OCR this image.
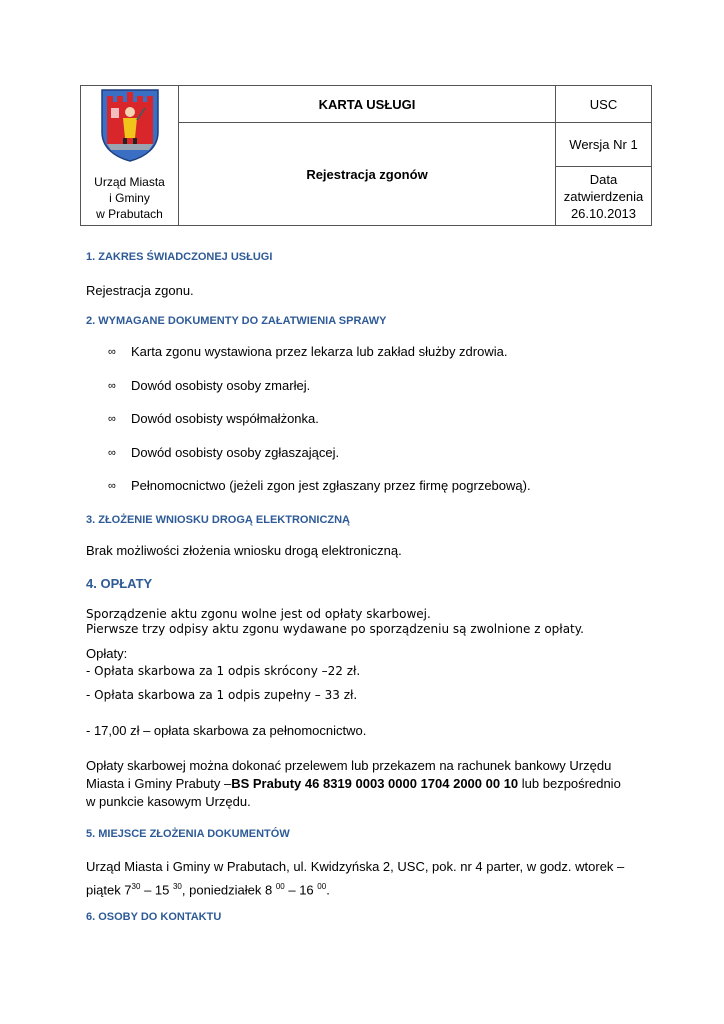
Urząd Miasta
i Gminy
w Prabutach	KARTA USŁUGI	USC
	Rejestracja zgonów	Wersja Nr 1
		Data zatwierdzenia
26.10.2013
1. ZAKRES ŚWIADCZONEJ USŁUGI
Rejestracja zgonu.
2. WYMAGANE DOKUMENTY DO ZAŁATWIENIA SPRAWY
∞	Karta zgonu wystawiona przez lekarza lub zakład służby zdrowia.
∞	Dowód osobisty osoby zmarłej.
∞	Dowód osobisty współmałżonka.
∞	Dowód osobisty osoby zgłaszającej.
∞	Pełnomocnictwo (jeżeli zgon jest zgłaszany przez firmę pogrzebową).
3. ZŁOŻENIE WNIOSKU DROGĄ ELEKTRONICZNĄ
Brak możliwości złożenia wniosku drogą elektroniczną.
4. OPŁATY
Sporządzenie aktu zgonu wolne jest od opłaty skarbowej.
Pierwsze trzy odpisy aktu zgonu wydawane po sporządzeniu są zwolnione z opłaty.
Opłaty:
- Opłata skarbowa za 1 odpis skrócony –22 zł.
- Opłata skarbowa za 1 odpis zupełny – 33 zł.
- 17,00 zł – opłata skarbowa za pełnomocnictwo.
Opłaty skarbowej można dokonać przelewem lub przekazem na rachunek bankowy Urzędu
Miasta i Gminy Prabuty –BS Prabuty 46 8319 0003 0000 1704 2000 00 10 lub bezpośrednio
w punkcie kasowym Urzędu.
5. MIEJSCE ZŁOŻENIA DOKUMENTÓW
Urząd Miasta i Gminy w Prabutach, ul. Kwidzyńska 2, USC, pok. nr 4 parter, w godz. wtorek –
piątek $7^{30} - 15$ $^{30}$, poniedziałek 8 $^{00}$ – 16 $^{00}$.
6. OSOBY DO KONTAKTU
